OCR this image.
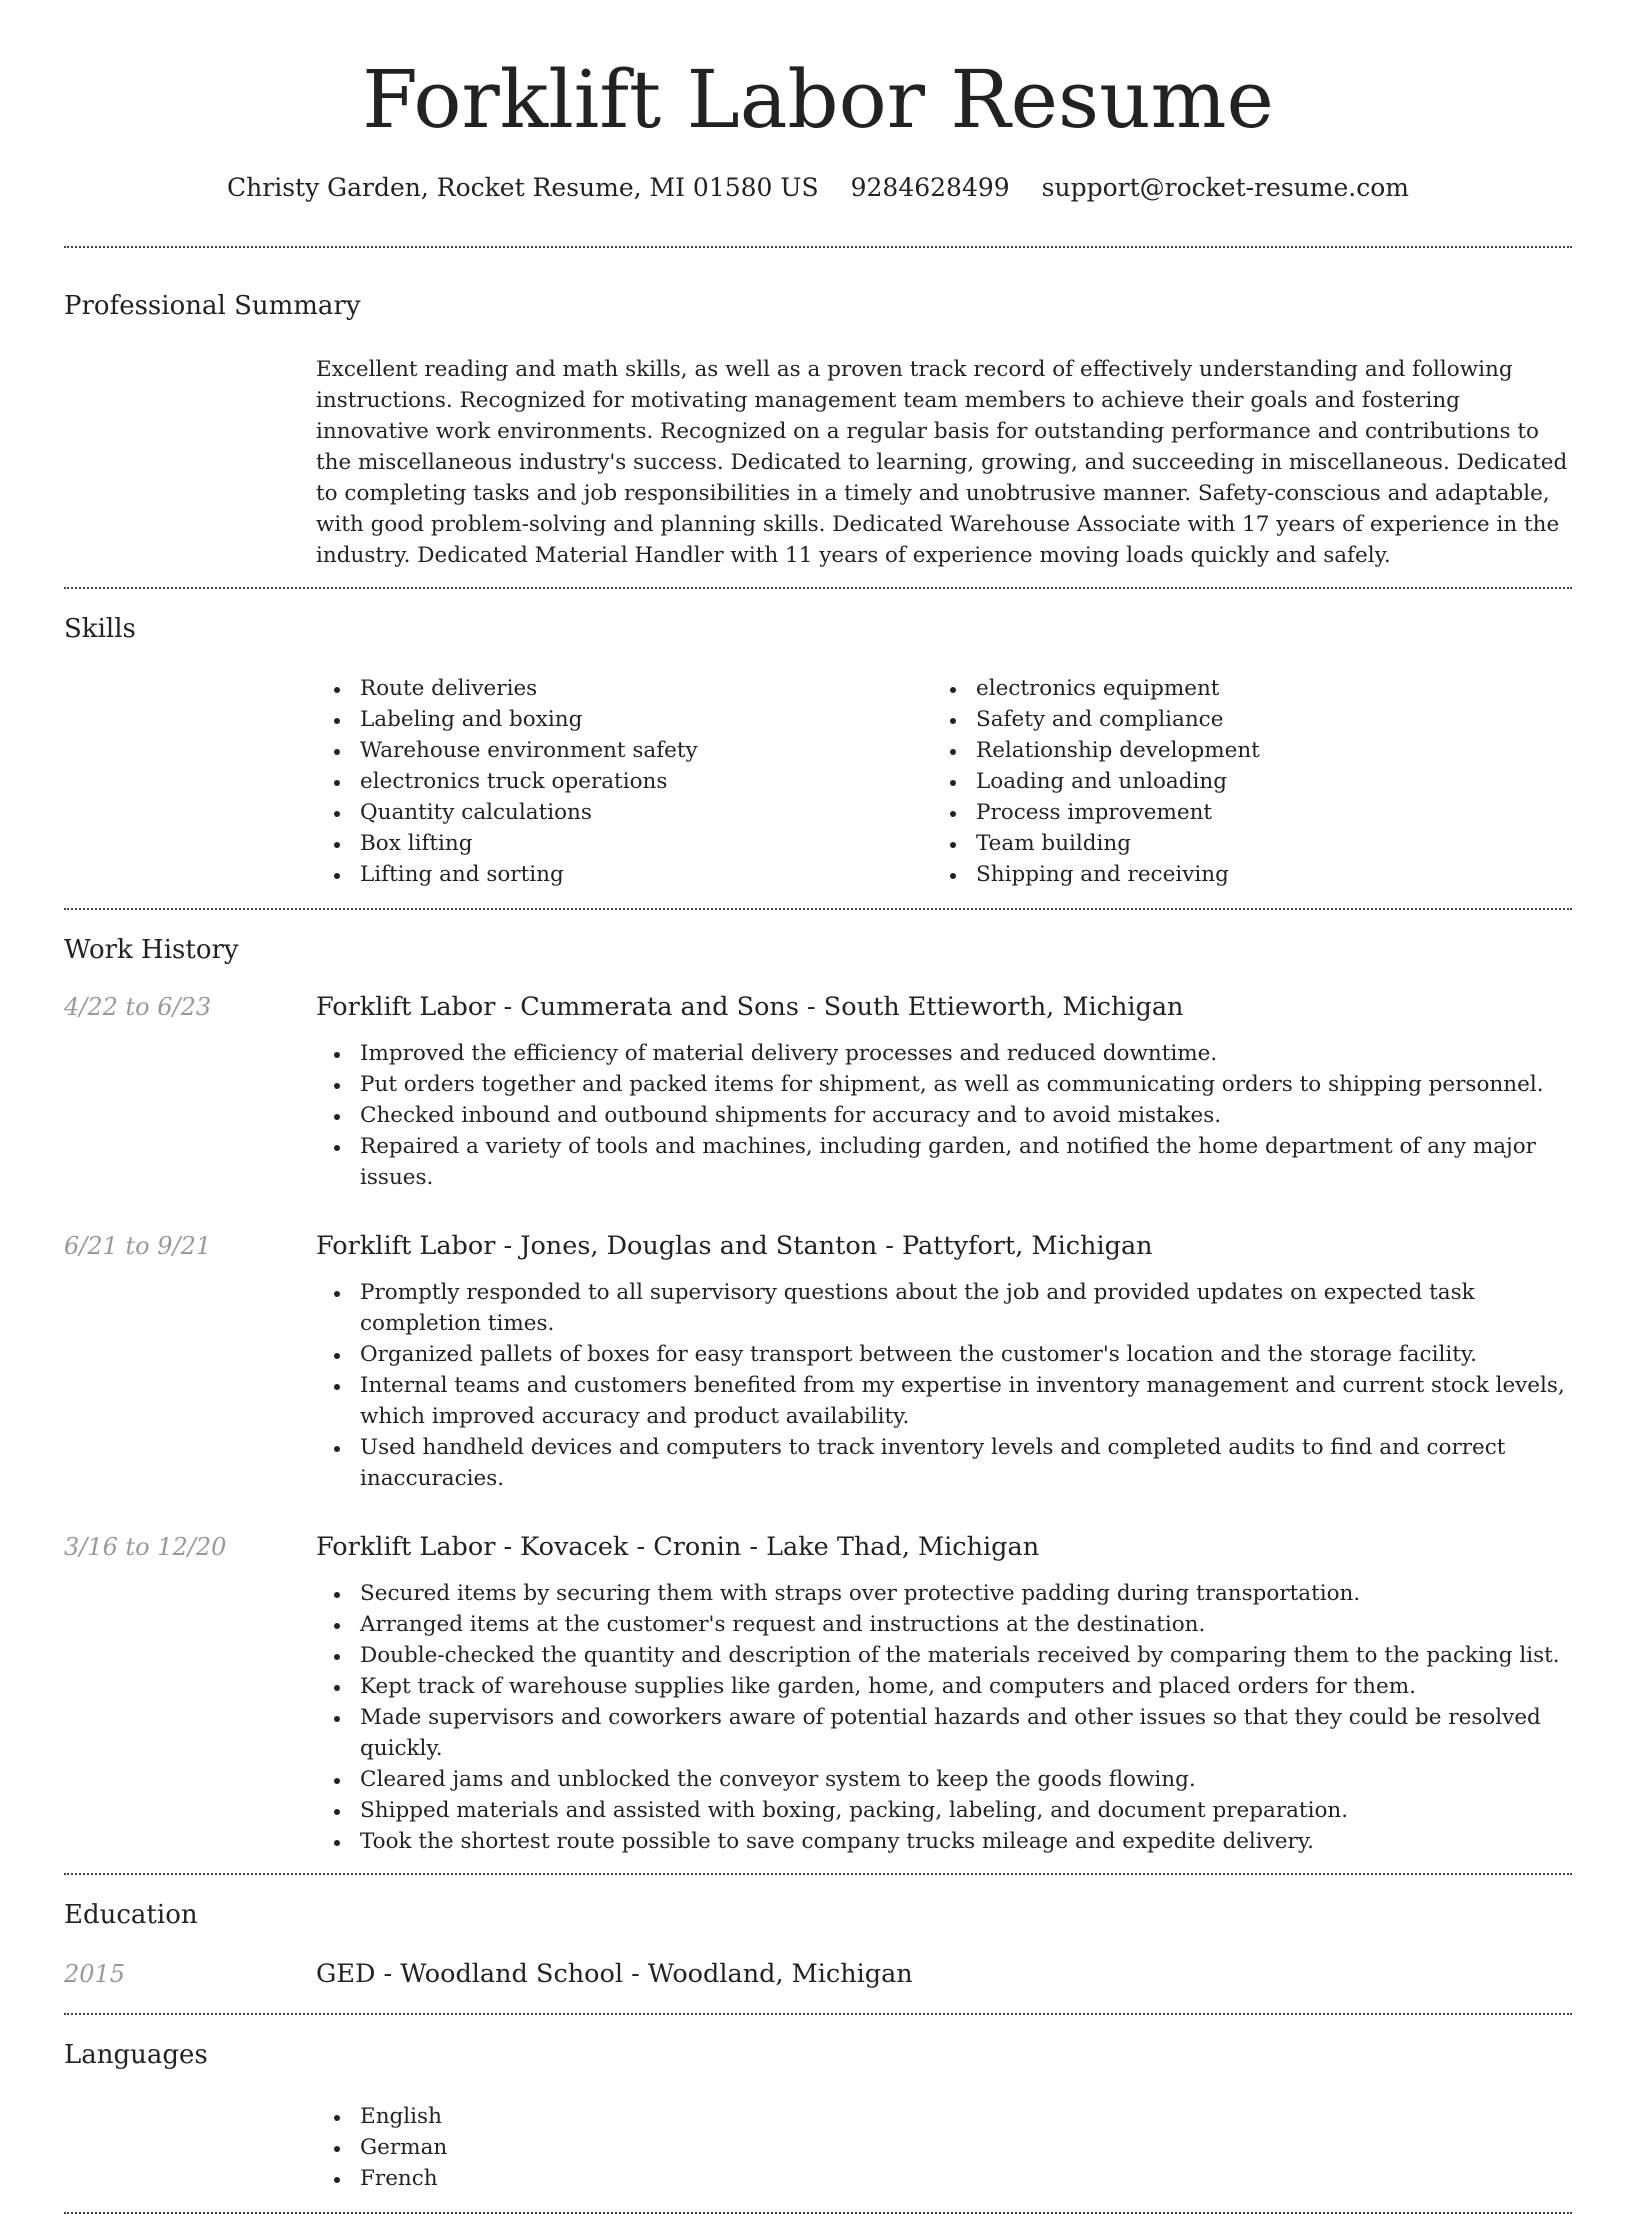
Forklift Labor Resume
Christy Garden, Rocket Resume, MI 01580 US 9284628499 support@rocket-resume.com
Professional Summary
Excellent reading and math skills, as well as a proven track record of effectively understanding and following instructions. Recognized for motivating management team members to achieve their goals and fostering innovative work environments. Recognized on a regular basis for outstanding performance and contributions to the miscellaneous industry's success. Dedicated to learning, growing, and succeeding in miscellaneous. Dedicated to completing tasks and job responsibilities in a timely and unobtrusive manner. Safety-conscious and adaptable, with good problem-solving and planning skills. Dedicated Warehouse Associate with 17 years of experience in the industry. Dedicated Material Handler with 11 years of experience moving loads quickly and safely.
Skills
Route deliveries
Labeling and boxing
Warehouse environment safety
electronics truck operations
Quantity calculations
Box lifting
Lifting and sorting
electronics equipment
Safety and compliance
Relationship development
Loading and unloading
Process improvement
Team building
Shipping and receiving
Work History
4/22 to 6/23	Forklift Labor - Cummerata and Sons - South Ettieworth, Michigan
Improved the efficiency of material delivery processes and reduced downtime.
Put orders together and packed items for shipment, as well as communicating orders to shipping personnel.
Checked inbound and outbound shipments for accuracy and to avoid mistakes.
Repaired a variety of tools and machines, including garden, and notified the home department of any major issues.
6/21 to 9/21	Forklift Labor - Jones, Douglas and Stanton - Pattyfort, Michigan
Promptly responded to all supervisory questions about the job and provided updates on expected task completion times.
Organized pallets of boxes for easy transport between the customer's location and the storage facility.
Internal teams and customers benefited from my expertise in inventory management and current stock levels, which improved accuracy and product availability.
Used handheld devices and computers to track inventory levels and completed audits to find and correct inaccuracies.
3/16 to 12/20	Forklift Labor - Kovacek - Cronin - Lake Thad, Michigan
Secured items by securing them with straps over protective padding during transportation.
Arranged items at the customer's request and instructions at the destination.
Double-checked the quantity and description of the materials received by comparing them to the packing list.
Kept track of warehouse supplies like garden, home, and computers and placed orders for them.
Made supervisors and coworkers aware of potential hazards and other issues so that they could be resolved quickly.
Cleared jams and unblocked the conveyor system to keep the goods flowing.
Shipped materials and assisted with boxing, packing, labeling, and document preparation.
Took the shortest route possible to save company trucks mileage and expedite delivery.
Education
2015	GED - Woodland School - Woodland, Michigan
Languages
English
German
French
